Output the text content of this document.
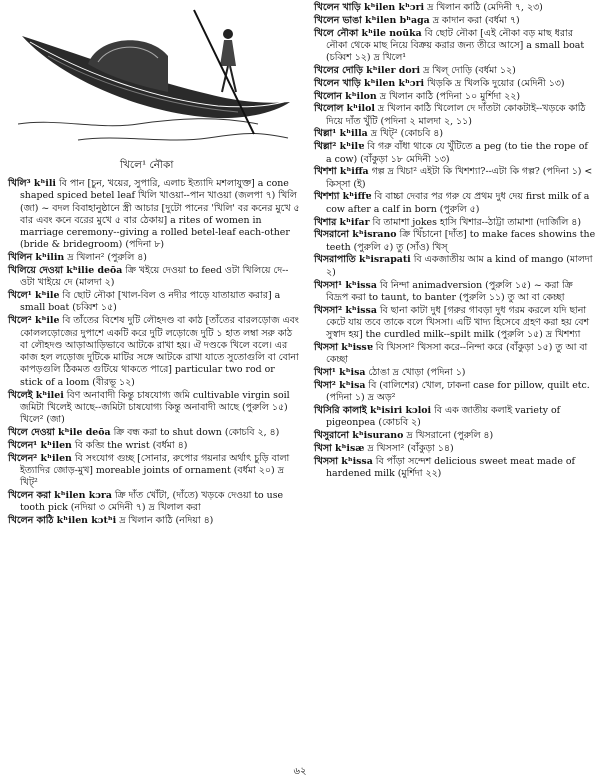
খিলে¹ নৌকা

খিলি³ kʰili বি পান [চুন, খয়ের, সুপারি, এলাচ ইত্যাদি মশলাযুক্ত] a cone shaped spiced betel leaf খিলি খাওয়া--পান খাওয়া (জলপা ৭) খিলি (জা) ~ বদল বিবাহানুষ্ঠানে স্ত্রী আচার [দুটো পানের 'খিলি' বর কনের মুখে ৫ বার এবং কনে বরের মুখে ৫ বার ঠেকায়] a rites of women in marriage ceremony--giving a rolled betel-leaf each-other (bride & bridegroom) (পদিনা ৮)

খিলিন kʰilin দ্র খিলান² (পুরুলি ৪)

খিলিয়ে দেওয়া kʰilie deōa ক্রি খইয়ে দেওয়া to feed ওটা খিলিয়ে দে--ওটা খাইয়ে দে (মালদা ২)

খিলে¹ kʰile বি ছোট নৌকা [খাল-বিল ও নদীর পাড়ে যাতায়াত করার] a small boat (চব্বিশ ১৫)

খিলে² kʰile বি তাঁতের বিশেষ দুটি লৌহদণ্ড বা কাঠ [তাঁতের বারলড়োজ এবং কোললড়োজের দুপাশে একটি করে দুটি লড়োজে দুটি ১ হাত লম্বা সরু কাঠ বা লৌহদণ্ড আড়াআড়িভাবে আটকে রাখা হয়। ঐ দণ্ডকে খিলে বলে। এর কাজ হল লড়োজ দুটিকে মাটির সঙ্গে আটকে রাখা যাতে সুতোগুলি বা বোনা কাপড়গুলি ঠিকমত গুটিয়ে থাকতে পারে] particular two rod or stick of a loom (বীরভূ ১২)

খিলেই kʰilei বিণ অনাবাদী কিন্তু চাষযোগ্য জমি cultivable virgin soil জমিটা খিলেই আছে--জমিটা চাষযোগ্য কিন্তু অনাবাদী আছে (পুরুলি ১৫) খিলে² (জা)

খিলে দেওয়া kʰile deōa ক্রি বন্ধ করা to shut down (কোচবি ২, ৪)

খিলেন¹ kʰilen বি কব্জি the wrist (বর্ধমা ৪)

খিলেন² kʰilen বি সংযোগ গুচ্ছ [সোনার, রুপোর গয়নার অর্থাৎ চুড়ি বালা ইত্যাদির জোড়-মুখ] moreable joints of ornament (বর্ধমা ২০) দ্র খিট্²

খিলেন করা kʰilen kɔra ক্রি দাঁত খোঁটা, (দাঁতে) খড়কে দেওয়া to use tooth pick (নদিয়া ৩ মেদিনী ৭) দ্র খিলাল করা

খিলেন কাঠি kʰilen kɔtʰi দ্র খিলান কাঠি (নদিয়া ৪)

খিলেন খাড়ি kʰilen kʰɔri দ্র খিলান কাঠি (মেদিনী ৭, ২৩)

খিলেন ভাঙা kʰilen bʰaga দ্র কাদান করা (বর্ধমা ৭)

খিলে নৌকা kʰile noūka বি ছোট নৌকা [এই নৌকা বড় মাছ ধরার নৌকা থেকে মাছ নিয়ে বিক্রয় করার জন্য তীরে আসে] a small boat (চব্বিশ ১২) দ্র খিলে¹

খিলের দোড়ি kʰiler dori দ্র খিল্ দোড়ি (বর্ধমা ১২)

খিলেন খাড়ি kʰilen kʰɔri খিড়কি দ্র খিলকি দুয়োর (মেদিনী ১৩)

খিলোন kʰilon দ্র খিলান কাঠি (পদিনা ১০ মুর্শিদা ২২)

খিলোল kʰilol দ্র খিলান কাঠি খিলোল দে দাঁতটা কোকটাই--খড়কে কাঠি দিয়ে দাঁত খুঁটি (পদিনা ২ মালদা ২, ১১)

খিল্লা¹ kʰilla দ্র খিট্² (কোচবি ৪)

খিল্লা² kʰilɐ বি গরু বাঁধা থাকে যে খুঁটিতে a peg (to tie the rope of a cow) (বাঁকুড়া ১৮ মেদিনী ১৩)

খিশশা kʰiffa গল্প দ্র খিচা² এইটা কি খিশশ্যা?--এটা কি গল্প? (পদিনা ১) < কিস্সা (ই)

খিশশ্যা kʰiffɐ বি বাচ্চা দেবার পর গরু যে প্রথম দুধ দেয় first milk of a cow after a calf in born (পুরুলি ৫)

খিশার kʰifar বি তামাশা jokes হাসি খিশার--ঠাট্টা তামাশা (দার্জিলি ৪)

খিসরানো kʰisrano ক্রি খিঁচানো [দাঁত] to make faces showins the teeth (পুরুলি ৫) তু (সাঁও) খিস্

খিসরাপাতি kʰisrapati বি একজাতীয় আম a kind of mango (মালদা ২)

খিসসা¹ kʰissa বি নিন্দা animadversion (পুরুলি ১৫) ~ করা ক্রি বিদ্রূপ করা to taunt, to banter (পুরুলি ১১) তু আ বা কেচ্ছা

খিসসা² kʰissa বি ছানা কাটা দুধ [গরুর গাবড়া দুধ গরম করলে যদি ছানা কেটে যায় তবে তাকে বলে খিসসা। এটি খাদ্য হিসেবে গ্রহণ করা হয় বেশ সুস্বাদ হয়] the curdled milk--spilt milk (পুরুলি ১৫) দ্র খিশশ্যা

খিসসা kʰissɐ বি খিসসা² খিসসা করে--নিন্দা করে (বাঁকুড়া ১৫) তু আ বা কেচ্ছা

খিসা¹ kʰisa ঠোঙা দ্র খোড়া (পদিনা ১)

খিসা² kʰisa বি (বালিশের) খোল, ঢাকনা case for pillow, quilt etc. (পদিনা ১) দ্র অড়²

খিসিরি কালাই kʰisiri kɔloi বি এক জাতীয় কলাই variety of pigeonpea (কোচবি ২)

খিসুরানো kʰisurano দ্র খিসরানো (পুরুলি ৪)

খিসা kʰisæ দ্র খিসসা² (বাঁকুড়া ১৪)

খিসসা kʰissa বি পাঁড়া সন্দেশ delicious sweet meat made of hardened milk (মুর্শিদা ২২)

৬২
